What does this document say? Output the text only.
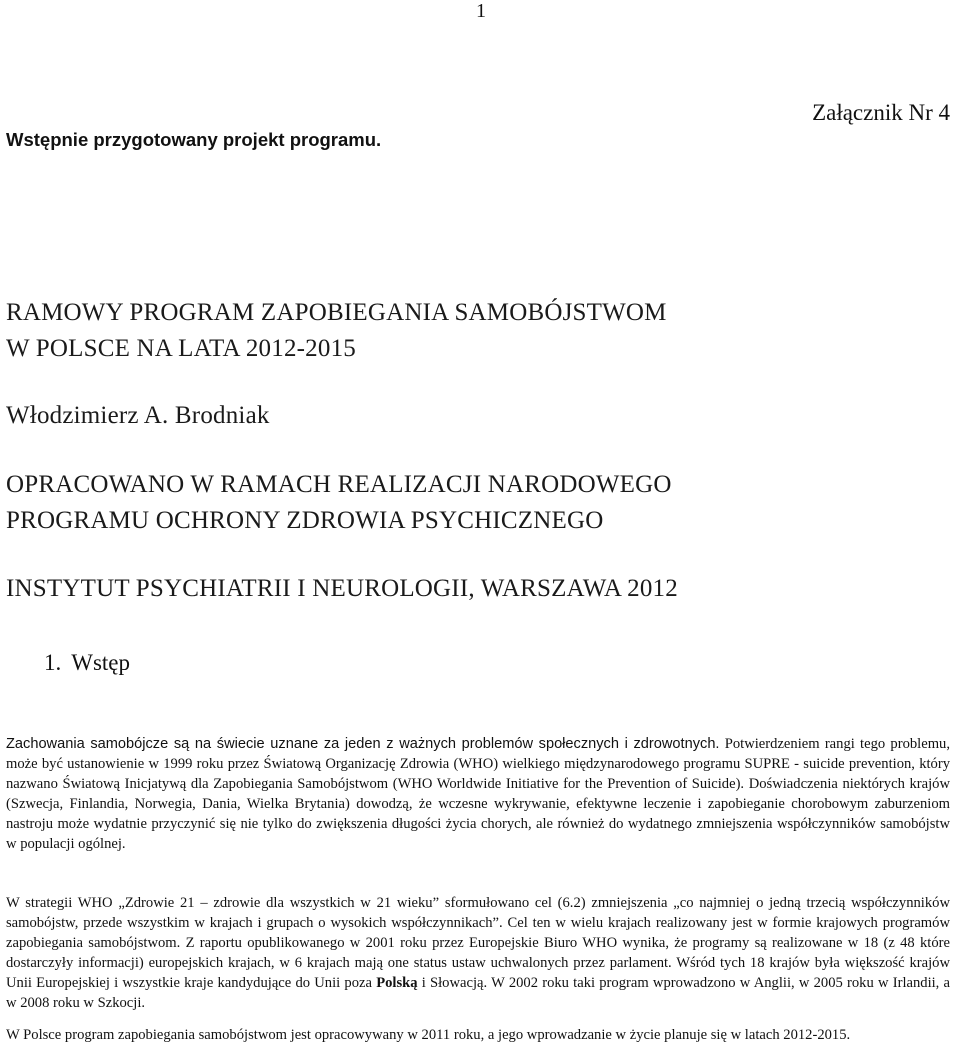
1
Wstępnie przygotowany projekt programu.
Załącznik Nr 4
RAMOWY PROGRAM ZAPOBIEGANIA SAMOBÓJSTWOM
W POLSCE NA LATA 2012-2015
Włodzimierz A. Brodniak
OPRACOWANO W RAMACH REALIZACJI NARODOWEGO
PROGRAMU OCHRONY ZDROWIA PSYCHICZNEGO
INSTYTUT PSYCHIATRII I NEUROLOGII, WARSZAWA 2012
1. Wstęp

Zachowania samobójcze są na świecie uznane za jeden z ważnych problemów społecznych i zdrowotnych. Potwierdzeniem rangi tego problemu, może być ustanowienie w 1999 roku przez Światową Organizację Zdrowia (WHO) wielkiego międzynarodowego programu SUPRE - suicide prevention, który nazwano Światową Inicjatywą dla Zapobiegania Samobójstwom (WHO Worldwide Initiative for the Prevention of Suicide). Doświadczenia niektórych krajów (Szwecja, Finlandia, Norwegia, Dania, Wielka Brytania) dowodzą, że wczesne wykrywanie, efektywne leczenie i zapobieganie chorobowym zaburzeniom nastroju może wydatnie przyczynić się nie tylko do zwiększenia długości życia chorych, ale również do wydatnego zmniejszenia współczynników samobójstw w populacji ogólnej.

W strategii WHO „Zdrowie 21 – zdrowie dla wszystkich w 21 wieku” sformułowano cel (6.2) zmniejszenia „co najmniej o jedną trzecią współczynników samobójstw, przede wszystkim w krajach i grupach o wysokich współczynnikach”. Cel ten w wielu krajach realizowany jest w formie krajowych programów zapobiegania samobójstwom. Z raportu opublikowanego w 2001 roku przez Europejskie Biuro WHO wynika, że programy są realizowane w 18 (z 48 które dostarczyły informacji) europejskich krajach, w 6 krajach mają one status ustaw uchwalonych przez parlament. Wśród tych 18 krajów była większość krajów Unii Europejskiej i wszystkie kraje kandydujące do Unii poza Polską i Słowacją. W 2002 roku taki program wprowadzono w Anglii, w 2005 roku w Irlandii, a w 2008 roku w Szkocji.

W Polsce program zapobiegania samobójstwom jest opracowywany w 2011 roku, a jego wprowadzanie w życie planuje się w latach 2012-2015.
